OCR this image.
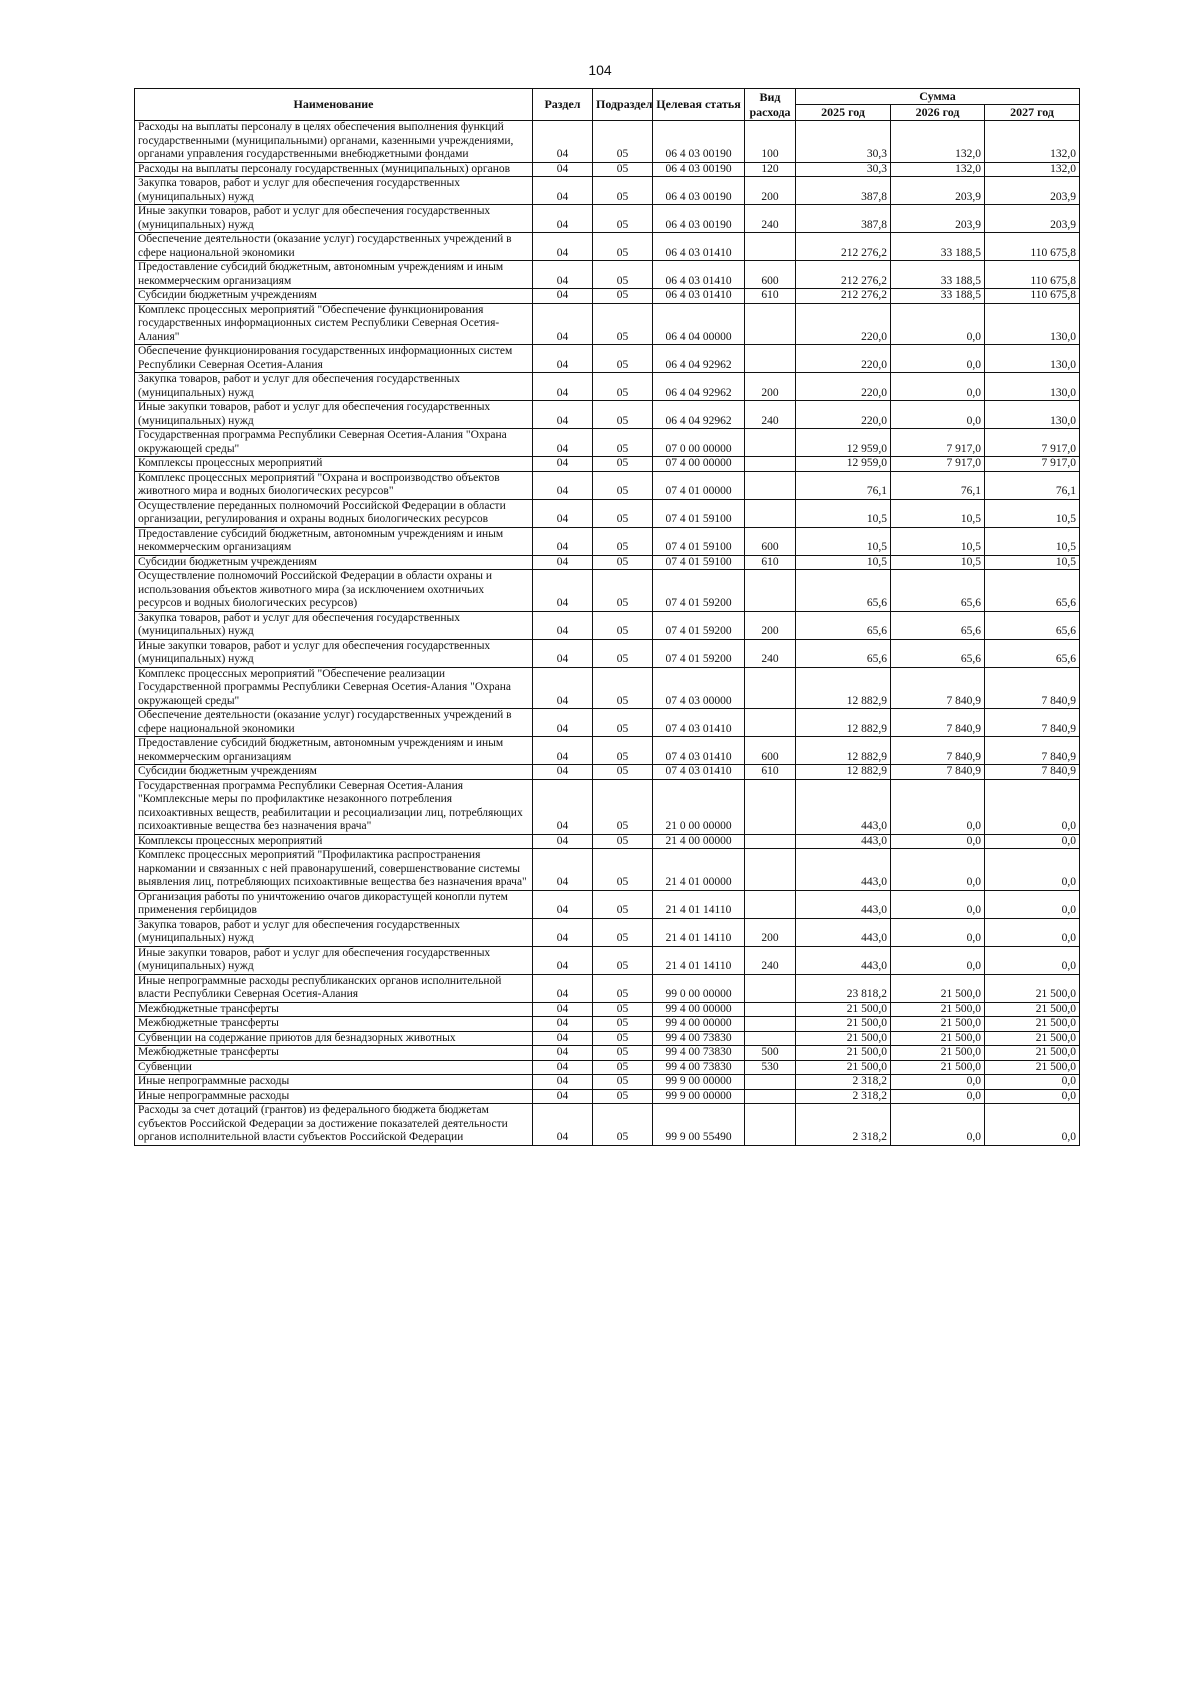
104
Наименование	Раздел	Подраздел	Целевая статья	Вид расхода	Сумма		
					2025 год	2026 год	2027 год
Расходы на выплаты персоналу в целях обеспечения выполнения функций государственными (муниципальными) органами, казенными учреждениями, органами управления государственными внебюджетными фондами	04	05	06 4 03 00190	100	30,3	132,0	132,0
Расходы на выплаты персоналу государственных (муниципальных) органов	04	05	06 4 03 00190	120	30,3	132,0	132,0
Закупка товаров, работ и услуг для обеспечения государственных (муниципальных) нужд	04	05	06 4 03 00190	200	387,8	203,9	203,9
Иные закупки товаров, работ и услуг для обеспечения государственных (муниципальных) нужд	04	05	06 4 03 00190	240	387,8	203,9	203,9
Обеспечение деятельности (оказание услуг) государственных учреждений в сфере национальной экономики	04	05	06 4 03 01410		212 276,2	33 188,5	110 675,8
Предоставление субсидий бюджетным, автономным учреждениям и иным некоммерческим организациям	04	05	06 4 03 01410	600	212 276,2	33 188,5	110 675,8
Субсидии бюджетным учреждениям	04	05	06 4 03 01410	610	212 276,2	33 188,5	110 675,8
Комплекс процессных мероприятий "Обеспечение функционирования государственных информационных систем Республики Северная Осетия-Алания"	04	05	06 4 04 00000		220,0	0,0	130,0
Обеспечение функционирования государственных информационных систем Республики Северная Осетия-Алания	04	05	06 4 04 92962		220,0	0,0	130,0
Закупка товаров, работ и услуг для обеспечения государственных (муниципальных) нужд	04	05	06 4 04 92962	200	220,0	0,0	130,0
Иные закупки товаров, работ и услуг для обеспечения государственных (муниципальных) нужд	04	05	06 4 04 92962	240	220,0	0,0	130,0
Государственная программа Республики Северная Осетия-Алания "Охрана окружающей среды"	04	05	07 0 00 00000		12 959,0	7 917,0	7 917,0
Комплексы процессных мероприятий	04	05	07 4 00 00000		12 959,0	7 917,0	7 917,0
Комплекс процессных мероприятий "Охрана и воспроизводство объектов животного мира и водных биологических ресурсов"	04	05	07 4 01 00000		76,1	76,1	76,1
Осуществление переданных полномочий Российской Федерации в области организации, регулирования и охраны водных биологических ресурсов	04	05	07 4 01 59100		10,5	10,5	10,5
Предоставление субсидий бюджетным, автономным учреждениям и иным некоммерческим организациям	04	05	07 4 01 59100	600	10,5	10,5	10,5
Субсидии бюджетным учреждениям	04	05	07 4 01 59100	610	10,5	10,5	10,5
Осуществление полномочий Российской Федерации в области охраны и использования объектов животного мира (за исключением охотничьих ресурсов и водных биологических ресурсов)	04	05	07 4 01 59200		65,6	65,6	65,6
Закупка товаров, работ и услуг для обеспечения государственных (муниципальных) нужд	04	05	07 4 01 59200	200	65,6	65,6	65,6
Иные закупки товаров, работ и услуг для обеспечения государственных (муниципальных) нужд	04	05	07 4 01 59200	240	65,6	65,6	65,6
Комплекс процессных мероприятий "Обеспечение реализации Государственной программы Республики Северная Осетия-Алания "Охрана окружающей среды"	04	05	07 4 03 00000		12 882,9	7 840,9	7 840,9
Обеспечение деятельности (оказание услуг) государственных учреждений в сфере национальной экономики	04	05	07 4 03 01410		12 882,9	7 840,9	7 840,9
Предоставление субсидий бюджетным, автономным учреждениям и иным некоммерческим организациям	04	05	07 4 03 01410	600	12 882,9	7 840,9	7 840,9
Субсидии бюджетным учреждениям	04	05	07 4 03 01410	610	12 882,9	7 840,9	7 840,9
Государственная программа Республики Северная Осетия-Алания "Комплексные меры по профилактике незаконного потребления психоактивных веществ, реабилитации и ресоциализации лиц, потребляющих психоактивные вещества без назначения врача"	04	05	21 0 00 00000		443,0	0,0	0,0
Комплексы процессных мероприятий	04	05	21 4 00 00000		443,0	0,0	0,0
Комплекс процессных мероприятий "Профилактика распространения наркомании и связанных с ней правонарушений, совершенствование системы выявления лиц, потребляющих психоактивные вещества без назначения врача"	04	05	21 4 01 00000		443,0	0,0	0,0
Организация работы по уничтожению очагов дикорастущей конопли путем применения гербицидов	04	05	21 4 01 14110		443,0	0,0	0,0
Закупка товаров, работ и услуг для обеспечения государственных (муниципальных) нужд	04	05	21 4 01 14110	200	443,0	0,0	0,0
Иные закупки товаров, работ и услуг для обеспечения государственных (муниципальных) нужд	04	05	21 4 01 14110	240	443,0	0,0	0,0
Иные непрограммные расходы республиканских органов исполнительной власти Республики Северная Осетия-Алания	04	05	99 0 00 00000		23 818,2	21 500,0	21 500,0
Межбюджетные трансферты	04	05	99 4 00 00000		21 500,0	21 500,0	21 500,0
Межбюджетные трансферты	04	05	99 4 00 00000		21 500,0	21 500,0	21 500,0
Субвенции на содержание приютов для безнадзорных животных	04	05	99 4 00 73830		21 500,0	21 500,0	21 500,0
Межбюджетные трансферты	04	05	99 4 00 73830	500	21 500,0	21 500,0	21 500,0
Субвенции	04	05	99 4 00 73830	530	21 500,0	21 500,0	21 500,0
Иные непрограммные расходы	04	05	99 9 00 00000		2 318,2	0,0	0,0
Иные непрограммные расходы	04	05	99 9 00 00000		2 318,2	0,0	0,0
Расходы за счет дотаций (грантов) из федерального бюджета бюджетам субъектов Российской Федерации за достижение показателей деятельности органов исполнительной власти субъектов Российской Федерации	04	05	99 9 00 55490		2 318,2	0,0	0,0
